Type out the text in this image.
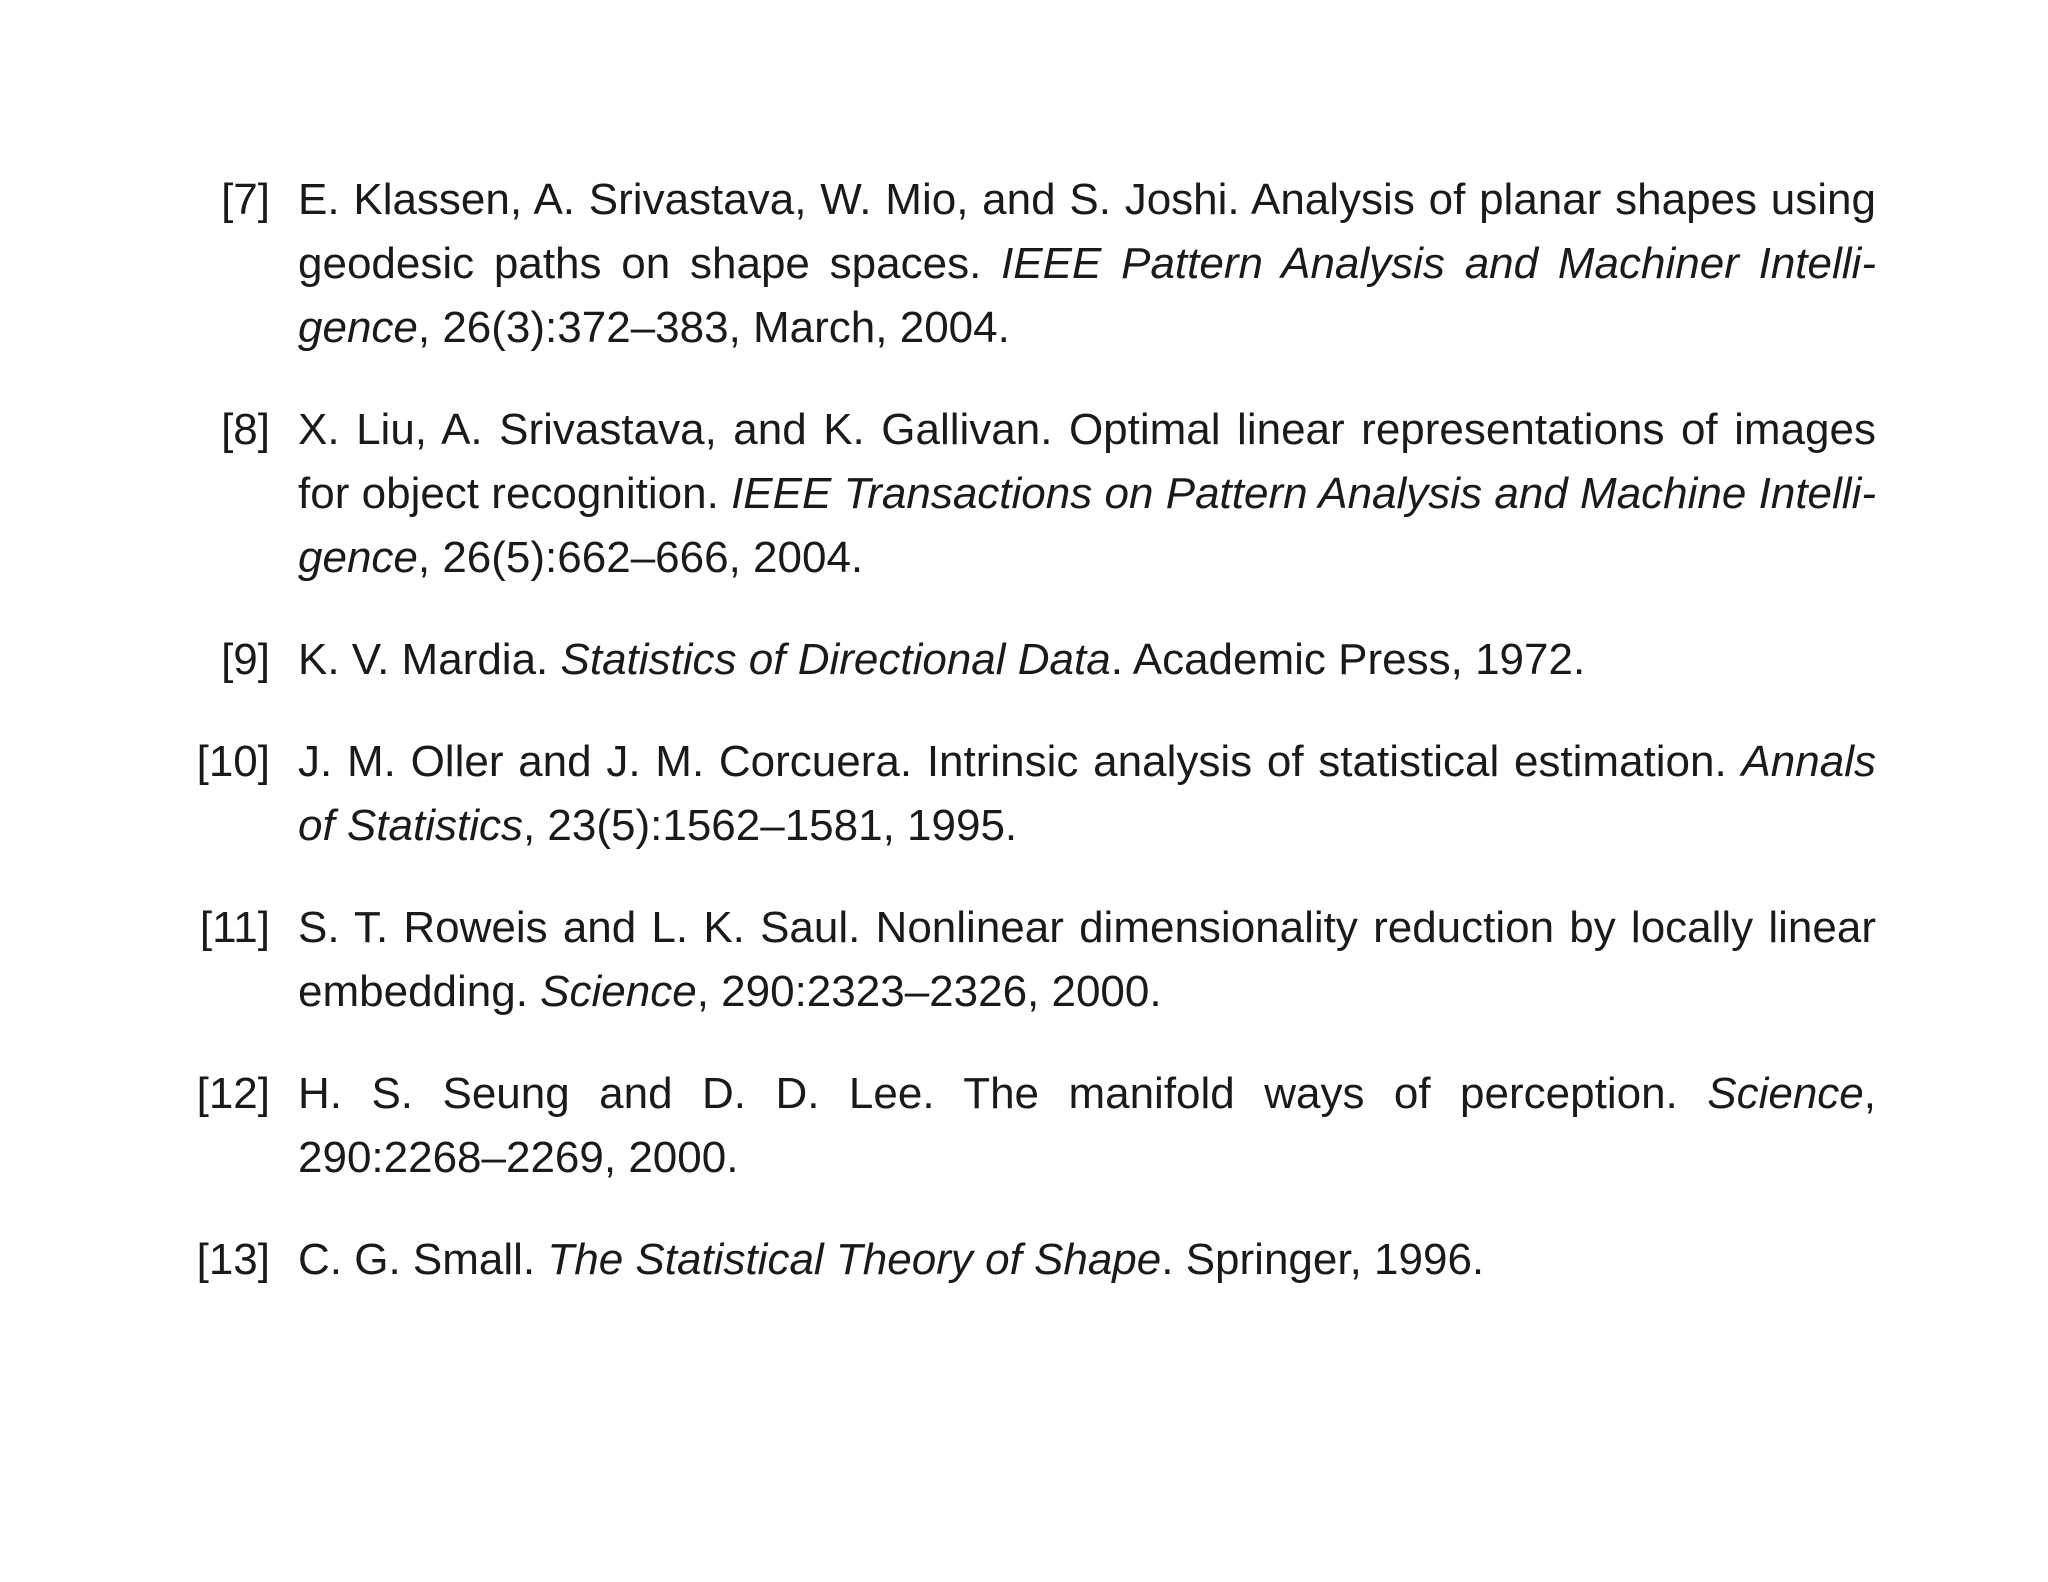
[7] E. Klassen, A. Srivastava, W. Mio, and S. Joshi. Analysis of planar shapes using geodesic paths on shape spaces. IEEE Pattern Analysis and Machiner Intelligence, 26(3):372–383, March, 2004.
[8] X. Liu, A. Srivastava, and K. Gallivan. Optimal linear representations of images for object recognition. IEEE Transactions on Pattern Analysis and Machine Intelligence, 26(5):662–666, 2004.
[9] K. V. Mardia. Statistics of Directional Data. Academic Press, 1972.
[10] J. M. Oller and J. M. Corcuera. Intrinsic analysis of statistical estimation. Annals of Statistics, 23(5):1562–1581, 1995.
[11] S. T. Roweis and L. K. Saul. Nonlinear dimensionality reduction by locally linear embedding. Science, 290:2323–2326, 2000.
[12] H. S. Seung and D. D. Lee. The manifold ways of perception. Science, 290:2268–2269, 2000.
[13] C. G. Small. The Statistical Theory of Shape. Springer, 1996.
